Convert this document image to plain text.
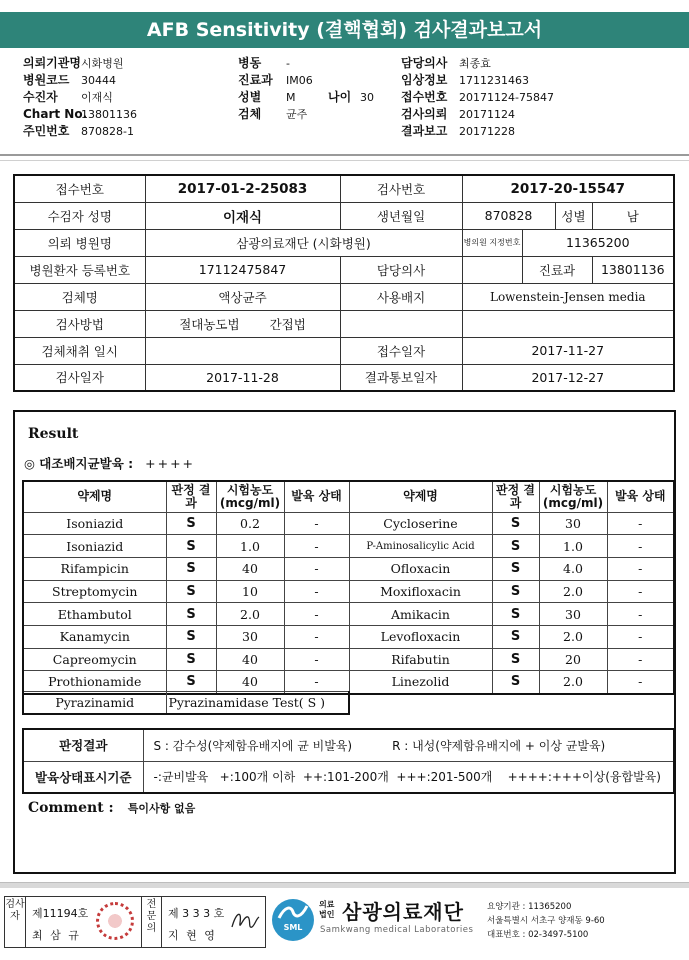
AFB Sensitivity (결핵협회) 검사결과보고서
의뢰기관명시화병원
병원코드 30444
수진자 이재식
Chart No.13801136
주민번호 870828-1
병동 -
진료과 IM06
성별 M	나이 30
검체 균주
담당의사 최종효
임상정보 1711231463
접수번호 20171124-75847
검사의뢰 20171124
결과보고 20171228
접수번호	2017-01-2-25083	검사번호	2017-20-15547			
수검자 성명	이재식	생년월일	870828		성별	남
의뢰 병원명	삼광의료재단 (시화병원)		병의원 지정번호	11365200		
병원환자 등록번호	17112475847	담당의사		진료과		13801136
검체명	액상균주	사용배지	Lowenstein-Jensen media			
검사방법	절대농도법 간접법					
검체채취 일시		접수일자	2017-11-27			
검사일자	2017-11-28	결과통보일자	2017-12-27			
Result
◎ 대조배지균발육 : ++++
약제명	판정 결과	시험농도 (mcg/ml)	발육 상태	약제명	판정 결과	시험농도 (mcg/ml)	발육 상태
Isoniazid	S	0.2	-	Cycloserine	S	30	-
Isoniazid	S	1.0	-	P-Aminosalicylic Acid	S	1.0	-
Rifampicin	S	40	-	Ofloxacin	S	4.0	-
Streptomycin	S	10	-	Moxifloxacin	S	2.0	-
Ethambutol	S	2.0	-	Amikacin	S	30	-
Kanamycin	S	30	-	Levofloxacin	S	2.0	-
Capreomycin	S	40	-	Rifabutin	S	20	-
Prothionamide	S	40	-	Linezolid	S	2.0	-
Pyrazinamid	Pyrazinamidase Test( S )
판정결과	S : 감수성(약제함유배지에 균 비발육) R : 내성(약제함유배지에 + 이상 균발육)
발육상태표시기준	-:균비발육   +:100개 이하  ++:101-200개  +++:201-500개    ++++:+++이상(융합발육)
Comment : 특이사항 없음
검사자	제11194호
최 삼 규
전문의
제 3 3 3 호
지 현 영
SML
의료
법인 삼광의료재단
Samkwang medical Laboratories
요양기관 : 11365200
서울특별시 서초구 양재동 9-60
대표번호 : 02-3497-5100
